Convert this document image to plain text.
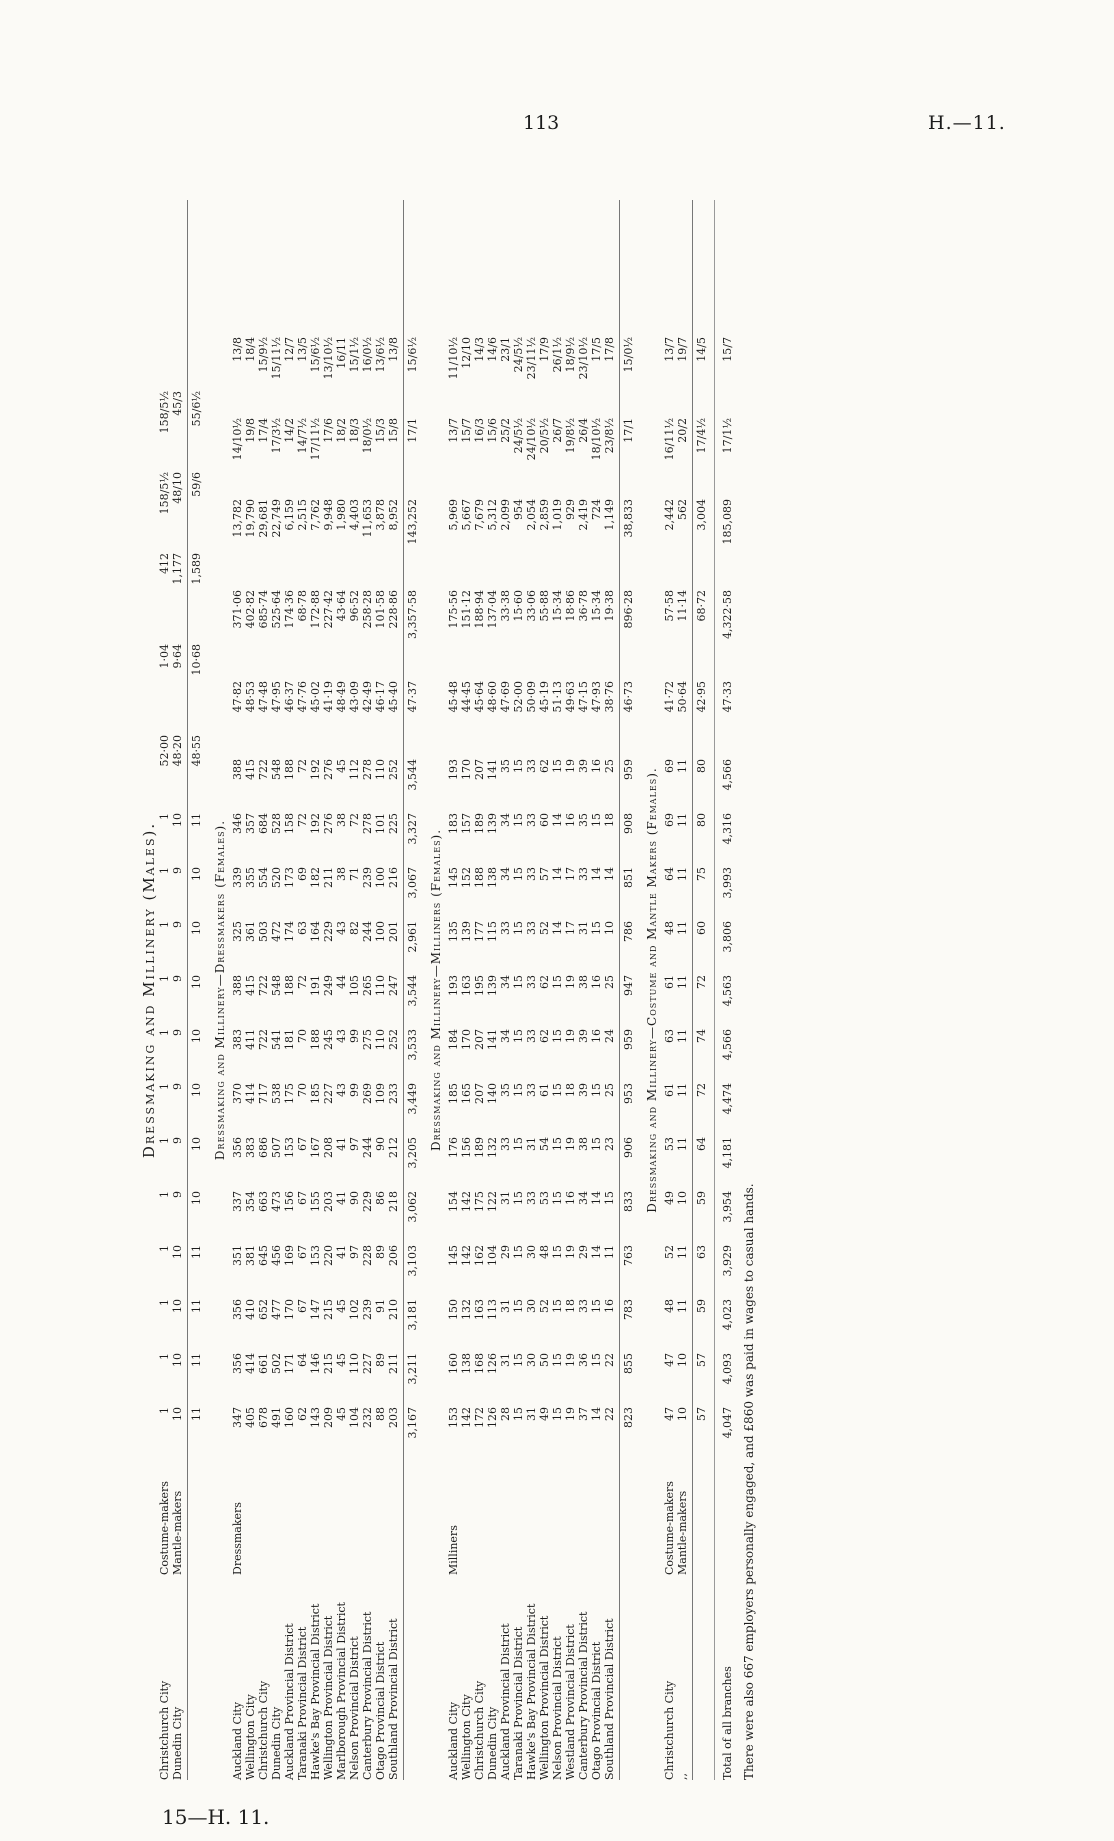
113	H.—11.
Dressmaking and Millinery (Males).
Christchurch City
Costume-makers
1
1
1
1
1
1
1
1
1
1
1
1
52·00
1·04
412
158/5½
158/5½
Dunedin City
Mantle-makers
10
10
10
10
9
9
9
9
9
9
9
10
48·20
9·64
1,177
48/10
45/3
11
11
11
11
10
10
10
10
10
10
10
11
48·55
10·68
1,589
59/6
55/6½
Dressmaking and Millinery—Dressmakers (Females).
Auckland City
Dressmakers
347
356
356
351
337
356
370
383
388
325
339
346
388
47·82
371·06
13,782
14/10½
13/8
Wellington City
405
414
410
381
354
383
414
411
415
361
355
357
415
48·53
402·82
19,790
19/8
18/4
Christchurch City
678
661
652
645
663
686
717
722
722
503
554
684
722
47·48
685·74
29,681
17/4
15/9½
Dunedin City
491
502
477
456
473
507
538
541
548
472
520
528
548
47·95
525·64
22,749
17/3½
15/11½
Auckland Provincial District
160
171
170
169
156
153
175
181
188
174
173
158
188
46·37
174·36
6,159
14/2
12/7
Taranaki Provincial District
62
64
67
67
67
67
70
70
72
63
69
72
72
47·76
68·78
2,515
14/7½
13/5
Hawke's Bay Provincial District
143
146
147
153
155
167
185
188
191
164
182
192
192
45·02
172·88
7,762
17/11½
15/6½
Wellington Provincial District
209
215
215
220
203
208
227
245
249
229
211
276
276
41·19
227·42
9,948
17/6
13/10½
Marlborough Provincial District
45
45
45
41
41
41
43
43
44
43
38
38
45
48·49
43·64
1,980
18/2
16/11
Nelson Provincial District
104
110
102
97
90
97
99
99
105
82
71
72
112
43·09
96·52
4,403
18/3
15/1½
Canterbury Provincial District
232
227
239
228
229
244
269
275
265
244
239
278
278
42·49
258·28
11,653
18/0½
16/0½
Otago Provincial District
88
89
91
89
86
90
109
110
110
100
100
101
110
46·17
101·58
3,878
15/3
13/6½
Southland Provincial District
203
211
210
206
218
212
233
252
247
201
216
225
252
45·40
228·86
8,952
15/8
13/8
3,167
3,211
3,181
3,103
3,062
3,205
3,449
3,533
3,544
2,961
3,067
3,327
3,544
47·37
3,357·58
143,252
17/1
15/6½
Dressmaking and Millinery—Milliners (Females).
Auckland City
Milliners
153
160
150
145
154
176
185
184
193
135
145
183
193
45·48
175·56
5,969
13/7
11/10½
Wellington City
142
138
132
142
142
156
165
170
163
139
152
157
170
44·45
151·12
5,667
15/7
12/10
Christchurch City
172
168
163
162
175
189
207
207
195
177
188
189
207
45·64
188·94
7,679
16/3
14/3
Dunedin City
126
126
113
104
122
132
140
141
139
115
138
139
141
48·60
137·04
5,312
15/6
14/6
Auckland Provincial District
28
31
31
29
31
33
35
34
34
33
34
34
35
47·69
33·38
2,099
25/2
23/1
Taranaki Provincial District
15
15
15
15
15
15
15
15
15
15
15
15
15
52·00
15·60
954
24/5½
24/5½
Hawke's Bay Provincial District
31
30
30
30
33
31
33
33
33
33
33
33
33
50·09
33·06
2,054
24/10½
23/11½
Wellington Provincial District
49
50
52
48
53
54
61
62
62
52
57
60
62
45·19
55·88
2,859
20/5½
17/9
Nelson Provincial District
15
15
15
15
15
15
15
15
15
14
14
14
15
51·13
15·34
1,019
26/7
26/1½
Westland Provincial District
19
19
18
19
16
19
18
19
19
17
17
16
19
49·63
18·86
929
19/8½
18/9½
Canterbury Provincial District
37
36
33
29
34
38
39
39
38
31
33
35
39
47·15
36·78
2,419
26/4
23/10½
Otago Provincial District
14
15
15
14
14
15
15
16
16
15
14
15
16
47·93
15·34
724
18/10½
17/5
Southland Provincial District
22
22
16
11
15
23
25
24
25
10
14
18
25
38·76
19·38
1,149
23/8½
17/8
823
855
783
763
833
906
953
959
947
786
851
908
959
46·73
896·28
38,833
17/1
15/0½
Dressmaking and Millinery—Costume and Mantle Makers (Females).
Christchurch City
Costume-makers
47
47
48
52
49
53
61
63
61
48
64
69
69
41·72
57·58
2,442
16/11½
13/7
,,
Mantle-makers
10
10
11
11
10
11
11
11
11
11
11
11
11
50·64
11·14
562
20/2
19/7
57
57
59
63
59
64
72
74
72
60
75
80
80
42·95
68·72
3,004
17/4½
14/5
Total of all branches
4,047
4,093
4,023
3,929
3,954
4,181
4,474
4,566
4,563
3,806
3,993
4,316
4,566
47·33
4,322·58
185,089
17/1½
15/7
There were also 667 employers personally engaged, and £860 was paid in wages to casual hands.
15—H. 11.
